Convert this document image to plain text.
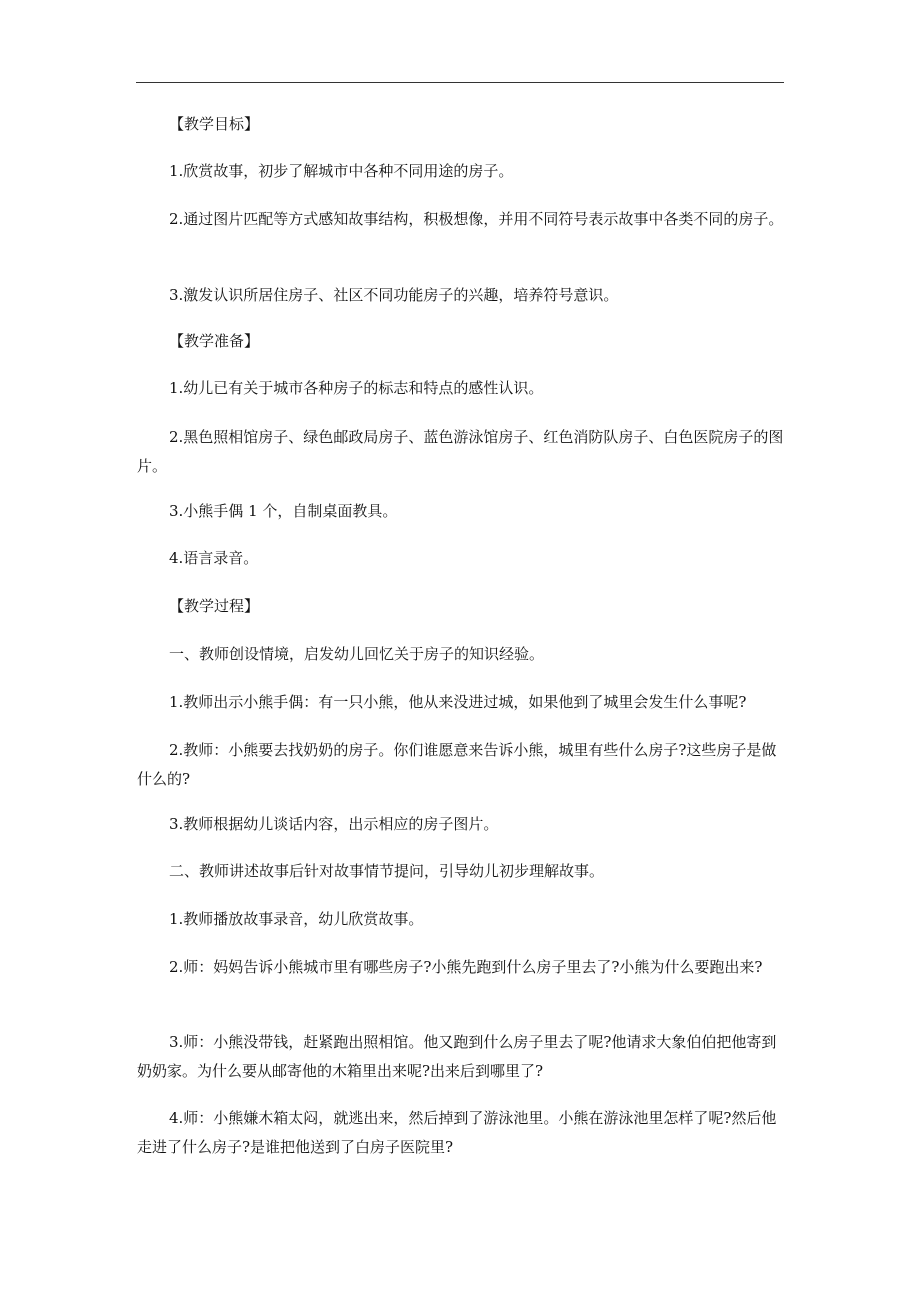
【教学目标】

1.欣赏故事，初步了解城市中各种不同用途的房子。

2.通过图片匹配等方式感知故事结构，积极想像，并用不同符号表示故事中各类不同的房子。

3.激发认识所居住房子、社区不同功能房子的兴趣，培养符号意识。

【教学准备】

1.幼儿已有关于城市各种房子的标志和特点的感性认识。

2.黑色照相馆房子、绿色邮政局房子、蓝色游泳馆房子、红色消防队房子、白色医院房子的图片。

3.小熊手偶 1 个，自制桌面教具。

4.语言录音。

【教学过程】

一、教师创设情境，启发幼儿回忆关于房子的知识经验。

1.教师出示小熊手偶：有一只小熊，他从来没进过城，如果他到了城里会发生什么事呢?

2.教师：小熊要去找奶奶的房子。你们谁愿意来告诉小熊，城里有些什么房子?这些房子是做什么的?

3.教师根据幼儿谈话内容，出示相应的房子图片。

二、教师讲述故事后针对故事情节提问，引导幼儿初步理解故事。

1.教师播放故事录音，幼儿欣赏故事。

2.师：妈妈告诉小熊城市里有哪些房子?小熊先跑到什么房子里去了?小熊为什么要跑出来?

3.师：小熊没带钱，赶紧跑出照相馆。他又跑到什么房子里去了呢?他请求大象伯伯把他寄到奶奶家。为什么要从邮寄他的木箱里出来呢?出来后到哪里了?

4.师：小熊嫌木箱太闷，就逃出来，然后掉到了游泳池里。小熊在游泳池里怎样了呢?然后他走进了什么房子?是谁把他送到了白房子医院里?
